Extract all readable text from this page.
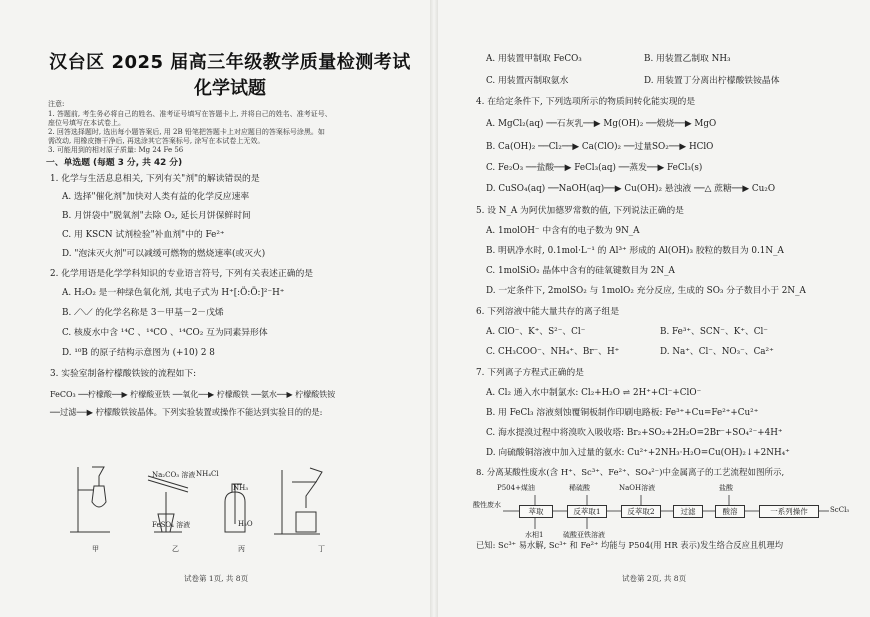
汉台区 2025 届高三年级教学质量检测考试
化学试题
注意:
1. 答题前, 考生务必将自己的姓名、准考证号填写在答题卡上, 并将自己的姓名、准考证号、
座位号填写在本试卷上。
2. 回答选择题时, 选出每小题答案后, 用 2B 铅笔把答题卡上对应题目的答案标号涂黑。如
需改动, 用橡皮擦干净后, 再选涂其它答案标号, 涂写在本试卷上无效。
3. 可能用到的相对原子质量: Mg 24 Fe 56
一、单选题 (每题 3 分, 共 42 分)
1. 化学与生活息息相关, 下列有关"剂"的解读错误的是
A. 选择"催化剂"加快对人类有益的化学反应速率
B. 月饼袋中"脱氧剂"去除 O₂, 延长月饼保鲜时间
C. 用 KSCN 试剂检验"补血剂"中的 Fe²⁺
D. "泡沫灭火剂"可以减缓可燃物的燃烧速率(或灭火)
2. 化学用语是化学学科知识的专业语言符号, 下列有关表述正确的是
A. H₂O₂ 是一种绿色氧化剂, 其电子式为 H⁺[:Ö:Ö:]²⁻H⁺
B. ⟋⟍⟋ 的化学名称是 3－甲基－2－戊烯
C. 核废水中含 ¹⁴C 、¹⁴CO 、¹⁴CO₂ 互为同素异形体
D. ¹⁰B 的原子结构示意图为 (+10) 2 8
3. 实验室制备柠檬酸铁铵的流程如下:
FeCO₃ ──柠檬酸──▶ 柠檬酸亚铁 ──氧化──▶ 柠檬酸铁 ──氨水──▶ 柠檬酸铁铵
──过滤──▶ 柠檬酸铁铵晶体。下列实验装置或操作不能达到实验目的的是:
Na₂CO₃ 溶液
FeSO₄ 溶液
NH₄Cl
NH₃
H₂O
甲	乙	丙	丁
试卷第 1页, 共 8页
A. 用装置甲制取 FeCO₃	B. 用装置乙制取 NH₃
C. 用装置丙制取氨水	D. 用装置丁分离出柠檬酸铁铵晶体
4. 在给定条件下, 下列选项所示的物质间转化能实现的是
A. MgCl₂(aq) ──石灰乳──▶ Mg(OH)₂ ──煅烧──▶ MgO
B. Ca(OH)₂ ──Cl₂──▶ Ca(ClO)₂ ──过量SO₂──▶ HClO
C. Fe₂O₃ ──盐酸──▶ FeCl₃(aq) ──蒸发──▶ FeCl₃(s)
D. CuSO₄(aq) ──NaOH(aq)──▶ Cu(OH)₂ 悬浊液 ──△ 蔗糖──▶ Cu₂O
5. 设 N_A 为阿伏加德罗常数的值, 下列说法正确的是
A. 1molOH⁻ 中含有的电子数为 9N_A
B. 明矾净水时, 0.1mol·L⁻¹ 的 Al³⁺ 形成的 Al(OH)₃ 胶粒的数目为 0.1N_A
C. 1molSiO₂ 晶体中含有的硅氧键数目为 2N_A
D. 一定条件下, 2molSO₂ 与 1molO₂ 充分反应, 生成的 SO₃ 分子数目小于 2N_A
6. 下列溶液中能大量共存的离子组是
A. ClO⁻、K⁺、S²⁻、Cl⁻	B. Fe³⁺、SCN⁻、K⁺、Cl⁻
C. CH₃COO⁻、NH₄⁺、Br⁻、H⁺	D. Na⁺、Cl⁻、NO₃⁻、Ca²⁺
7. 下列离子方程式正确的是
A. Cl₂ 通入水中制氯水: Cl₂+H₂O ⇌ 2H⁺+Cl⁻+ClO⁻
B. 用 FeCl₃ 溶液刻蚀覆铜板制作印刷电路板: Fe³⁺+Cu=Fe²⁺+Cu²⁺
C. 海水提溴过程中将溴吹入吸收塔: Br₂+SO₂+2H₂O=2Br⁻+SO₄²⁻+4H⁺
D. 向硫酸铜溶液中加入过量的氨水: Cu²⁺+2NH₃·H₂O=Cu(OH)₂↓+2NH₄⁺
8. 分离某酸性废水(含 H⁺、Sc³⁺、Fe²⁺、SO₄²⁻)中金属离子的工艺流程如图所示,
试卷第 2页, 共 8页
已知: Sc³⁺ 易水解, Sc³⁺ 和 Fe²⁺ 均能与 P504(用 HR 表示)发生络合反应且机理均
P504+煤油	稀硫酸	NaOH溶液	盐酸
酸性废水
萃取	反萃取1	反萃取2	过滤	酸溶	一系列操作	ScCl₃
水相1	硫酸亚铁溶液
